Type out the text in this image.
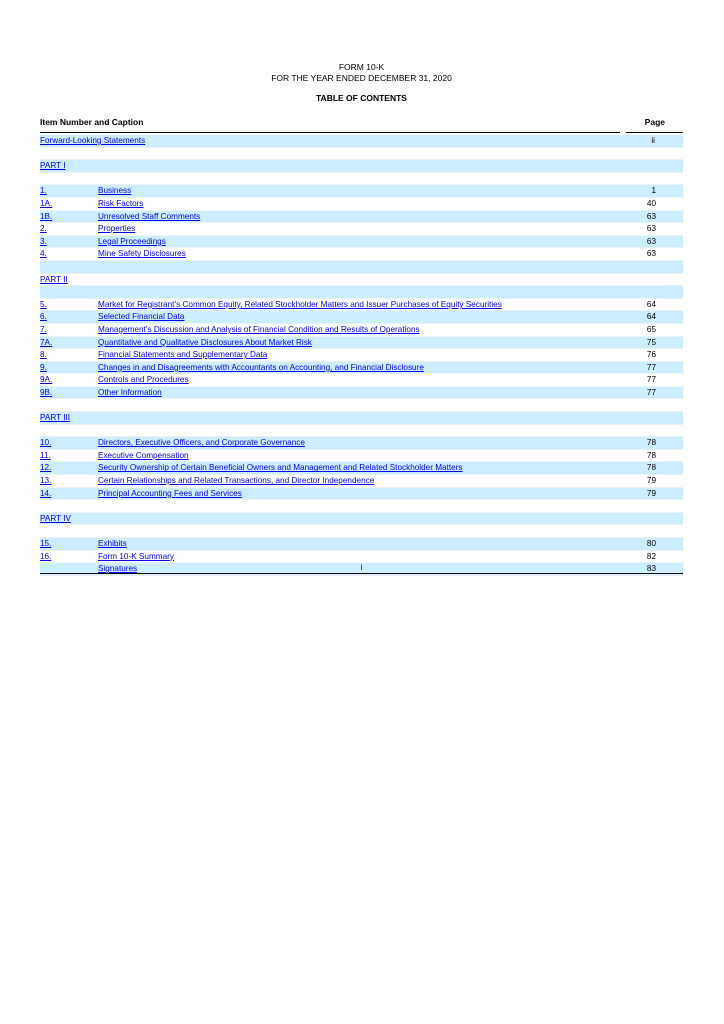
FORM 10-K
FOR THE YEAR ENDED DECEMBER 31, 2020
TABLE OF CONTENTS
Item Number and Caption	Page
Forward-Looking Statements	ii
PART I
1.	Business	1
1A.	Risk Factors	40
1B.	Unresolved Staff Comments	63
2.	Properties	63
3.	Legal Proceedings	63
4.	Mine Safety Disclosures	63
PART II
5.	Market for Registrant’s Common Equity, Related Stockholder Matters and Issuer Purchases of Equity Securities	64
6.	Selected Financial Data	64
7.	Management’s Discussion and Analysis of Financial Condition and Results of Operations	65
7A.	Quantitative and Qualitative Disclosures About Market Risk	75
8.	Financial Statements and Supplementary Data	76
9.	Changes in and Disagreements with Accountants on Accounting, and Financial Disclosure	77
9A.	Controls and Procedures	77
9B.	Other Information	77
PART III
10.	Directors, Executive Officers, and Corporate Governance	78
11.	Executive Compensation	78
12.	Security Ownership of Certain Beneficial Owners and Management and Related Stockholder Matters	78
13.	Certain Relationships and Related Transactions, and Director Independence	79
14.	Principal Accounting Fees and Services	79
PART IV
15.	Exhibits	80
16.	Form 10-K Summary	82
Signatures	83
i
